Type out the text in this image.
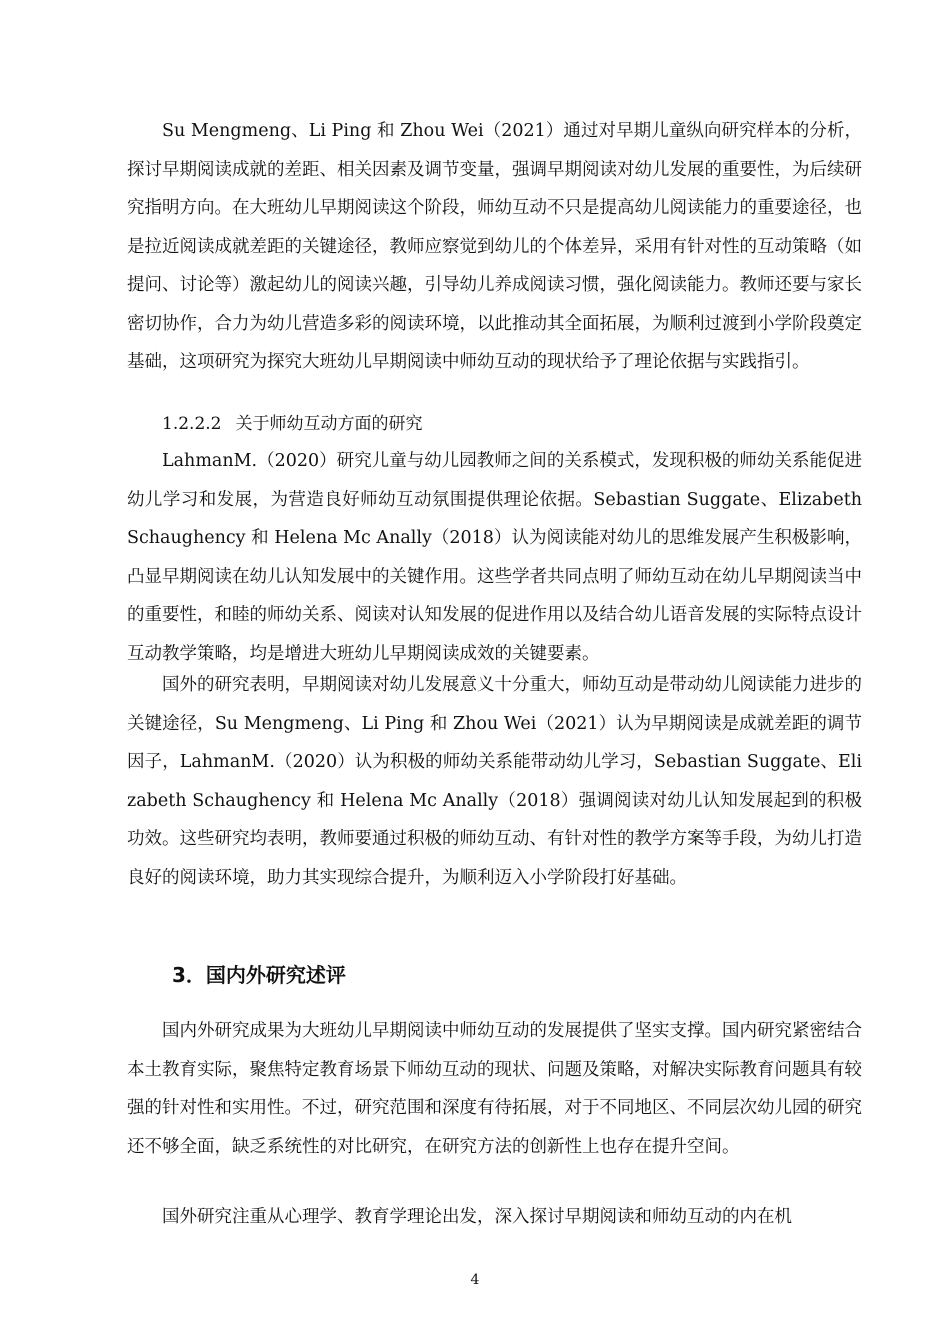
Su Mengmeng、Li Ping 和 Zhou Wei（2021）通过对早期儿童纵向研究样本的分析，探讨早期阅读成就的差距、相关因素及调节变量，强调早期阅读对幼儿发展的重要性，为后续研究指明方向。在大班幼儿早期阅读这个阶段，师幼互动不只是提高幼儿阅读能力的重要途径，也是拉近阅读成就差距的关键途径，教师应察觉到幼儿的个体差异，采用有针对性的互动策略（如提问、讨论等）激起幼儿的阅读兴趣，引导幼儿养成阅读习惯，强化阅读能力。教师还要与家长密切协作，合力为幼儿营造多彩的阅读环境，以此推动其全面拓展，为顺利过渡到小学阶段奠定基础，这项研究为探究大班幼儿早期阅读中师幼互动的现状给予了理论依据与实践指引。

1.2.2.2 关于师幼互动方面的研究

LahmanM.（2020）研究儿童与幼儿园教师之间的关系模式，发现积极的师幼关系能促进幼儿学习和发展，为营造良好师幼互动氛围提供理论依据。Sebastian Suggate、Elizabeth Schaughency 和 Helena Mc Anally（2018）认为阅读能对幼儿的思维发展产生积极影响，凸显早期阅读在幼儿认知发展中的关键作用。这些学者共同点明了师幼互动在幼儿早期阅读当中的重要性，和睦的师幼关系、阅读对认知发展的促进作用以及结合幼儿语音发展的实际特点设计互动教学策略，均是增进大班幼儿早期阅读成效的关键要素。

国外的研究表明，早期阅读对幼儿发展意义十分重大，师幼互动是带动幼儿阅读能力进步的关键途径，Su Mengmeng、Li Ping 和 Zhou Wei（2021）认为早期阅读是成就差距的调节因子，LahmanM.（2020）认为积极的师幼关系能带动幼儿学习，Sebastian Suggate、Elizabeth Schaughency 和 Helena Mc Anally（2018）强调阅读对幼儿认知发展起到的积极功效。这些研究均表明，教师要通过积极的师幼互动、有针对性的教学方案等手段，为幼儿打造良好的阅读环境，助力其实现综合提升，为顺利迈入小学阶段打好基础。

3．国内外研究述评

国内外研究成果为大班幼儿早期阅读中师幼互动的发展提供了坚实支撑。国内研究紧密结合本土教育实际，聚焦特定教育场景下师幼互动的现状、问题及策略，对解决实际教育问题具有较强的针对性和实用性。不过，研究范围和深度有待拓展，对于不同地区、不同层次幼儿园的研究还不够全面，缺乏系统性的对比研究，在研究方法的创新性上也存在提升空间。

国外研究注重从心理学、教育学理论出发，深入探讨早期阅读和师幼互动的内在机

4
